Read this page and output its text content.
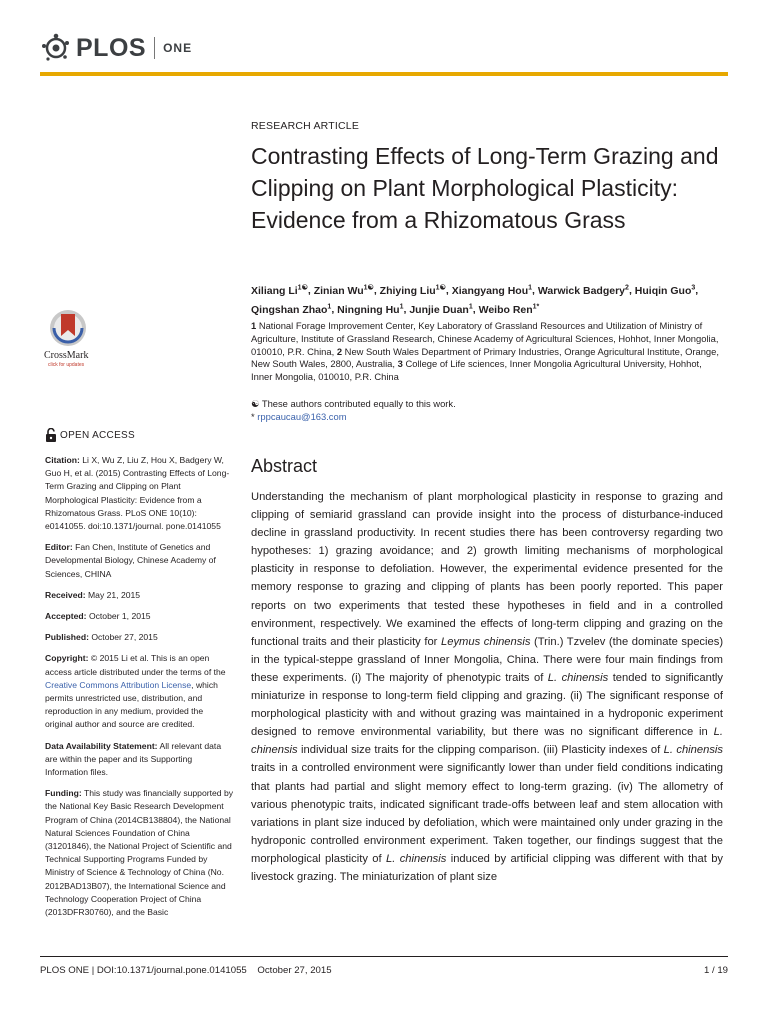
PLOS ONE
RESEARCH ARTICLE
Contrasting Effects of Long-Term Grazing and Clipping on Plant Morphological Plasticity: Evidence from a Rhizomatous Grass
Xiliang $Li^{1☯}$, Zinian $Wu^{1☯}$, Zhiying Liu$^{1☯}$, Xiangyang Hou$^1$, Warwick Badgery$^2$, Huiqin Guo$^3$, Qingshan Zhao$^1$, Ningning Hu$^1$, Junjie Duan$^1$, Weibo Ren$^{1*}$
1 National Forage Improvement Center, Key Laboratory of Grassland Resources and Utilization of Ministry of Agriculture, Institute of Grassland Research, Chinese Academy of Agricultural Sciences, Hohhot, Inner Mongolia, 010010, P.R. China, 2 New South Wales Department of Primary Industries, Orange Agricultural Institute, Orange, New South Wales, 2800, Australia, 3 College of Life sciences, Inner Mongolia Agricultural University, Hohhot, Inner Mongolia, 010010, P.R. China
☯ These authors contributed equally to this work.
* rppcaucau@163.com
CrossMark
click for updates
OPEN ACCESS
Citation: Li X, Wu Z, Liu Z, Hou X, Badgery W, Guo H, et al. (2015) Contrasting Effects of Long-Term Grazing and Clipping on Plant Morphological Plasticity: Evidence from a Rhizomatous Grass. PLoS ONE 10(10): e0141055. doi:10.1371/journal. pone.0141055
Editor: Fan Chen, Institute of Genetics and Developmental Biology, Chinese Academy of Sciences, CHINA
Received: May 21, 2015
Accepted: October 1, 2015
Published: October 27, 2015
Copyright: © 2015 Li et al. This is an open access article distributed under the terms of the Creative Commons Attribution License, which permits unrestricted use, distribution, and reproduction in any medium, provided the original author and source are credited.
Data Availability Statement: All relevant data are within the paper and its Supporting Information files.
Funding: This study was financially supported by the National Key Basic Research Development Program of China (2014CB138804), the National Natural Sciences Foundation of China (31201846), the National Project of Scientific and Technical Supporting Programs Funded by Ministry of Science & Technology of China (No. 2012BAD13B07), the International Science and Technology Cooperation Project of China (2013DFR30760), and the Basic
Abstract

Understanding the mechanism of plant morphological plasticity in response to grazing and clipping of semiarid grassland can provide insight into the process of disturbance-induced decline in grassland productivity. In recent studies there has been controversy regarding two hypotheses: 1) grazing avoidance; and 2) growth limiting mechanisms of morphological plasticity in response to defoliation. However, the experimental evidence presented for the memory response to grazing and clipping of plants has been poorly reported. This paper reports on two experiments that tested these hypotheses in field and in a controlled environment, respectively. We examined the effects of long-term clipping and grazing on the functional traits and their plasticity for Leymus chinensis (Trin.) Tzvelev (the dominate species) in the typical-steppe grassland of Inner Mongolia, China. There were four main findings from these experiments. (i) The majority of phenotypic traits of L. chinensis tended to significantly miniaturize in response to long-term field clipping and grazing. (ii) The significant response of morphological plasticity with and without grazing was maintained in a hydroponic experiment designed to remove environmental variability, but there was no significant difference in L. chinensis individual size traits for the clipping comparison. (iii) Plasticity indexes of L. chinensis traits in a controlled environment were significantly lower than under field conditions indicating that plants had partial and slight memory effect to long-term grazing. (iv) The allometry of various phenotypic traits, indicated significant trade-offs between leaf and stem allocation with variations in plant size induced by defoliation, which were maintained only under grazing in the hydroponic controlled environment experiment. Taken together, our findings suggest that the morphological plasticity of L. chinensis induced by artificial clipping was different with that by livestock grazing. The miniaturization of plant size

PLOS ONE | DOI:10.1371/journal.pone.0141055    October 27, 2015	1 / 19
